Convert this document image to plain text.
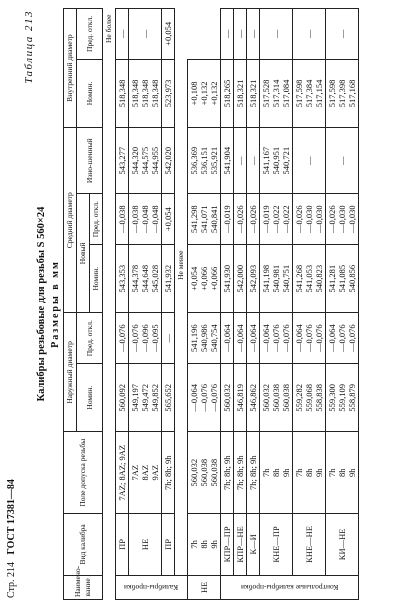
Стр. 214   ГОСТ 17381—84
Таблица 213
Калибры резьбовые для резьбы S 560×24 Размеры в мм
Наимено-вание	Вид калибра	Поле допуска резьбы	Наружный диаметр		Средний диаметр			Внутренний диаметр	
			Номин.	Пред. откл.	Новый		Изно-шенный	Номин.	Пред. откл.
					Номин.	Пред. откл.			
								Не более	

Калибры-пробки	ПР	7AZ; 8AZ; 9AZ	560,092	—0,076	543,353	—0,038	543,277	518,348	—

	НЕ	7AZ 8AZ 9AZ	549,197 549,472 549,852	—0,076 —0,096 —0,095	544,378 544,648 545,028	—0,038 —0,048 —0,048	544,320 544,575 544,955	518,348 518,348 518,348	—

	ПР	7h; 8h; 9h	565,652	—	541,932	+0,054	542,020	523,973	+0,054

				Не менее					
НЕ	7h 8h 9h	560,032 560,038 560,038	—0,064 —0,076 —0,076	541,196 540,986 540,754	+0,054 +0,066 +0,066	541,298 541,071 540,841	536,369 536,151 535,921	+0,108 +0,132 +0,132	

Контрольные калибры-пробки	КПР—ПР	7h; 8h; 9h	560,032	—0,064	541,930	—0,019	541,904	518,265	—

	КПР—НЕ	7h; 8h; 9h	546,819	—0,064	542,000	—0,026	—	518,321	—

	К—И	7h; 8h; 9h	546,862	—0,064	542,093	—0,026	—	518,321	—

	КНЕ—ПР	7h 8h 9h	560,032 560,038 560,038	—0,064 —0,076 —0,076	541,198 540,981 540,751	—0,019 —0,022 —0,022	541,167 540,951 540,721	517,528 517,314 517,084	—

	КНЕ—НЕ	7h 8h 9h	559,282 559,068 558,838	—0,064 —0,076 —0,076	541,268 541,053 540,823	—0,026 —0,030 —0,030	—	517,598 517,384 517,154	—

	КИ—НЕ	7h 8h 9h	559,300 559,109 558,879	—0,064 —0,076 —0,076	541,281 541,085 540,856	—0,026 —0,030 —0,030	—	517,598 517,398 517,168	—
